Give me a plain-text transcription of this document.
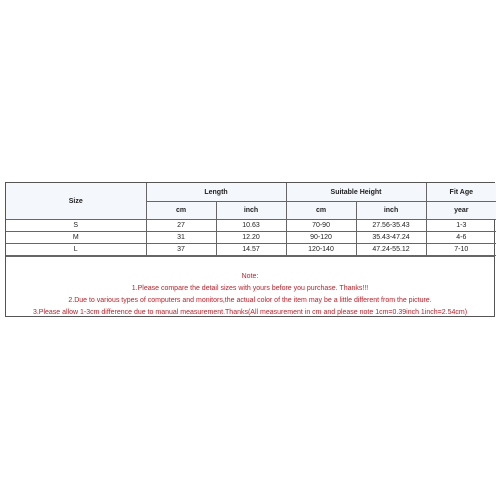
Size	Length		Suitable Height		Fit Age
	cm	inch	cm	inch	year
S	27	10.63	70-90	27.56-35.43	1-3
M	31	12.20	90-120	35.43-47.24	4-6
L	37	14.57	120-140	47.24-55.12	7-10
Note:
1.Please compare the detail sizes with yours before you purchase. Thanks!!!
2.Due to various types of computers and monitors,the actual color of the item may be a little different from the picture.
3.Please allow 1-3cm difference due to manual measurement.Thanks(All measurement in cm and please note 1cm=0.39inch 1inch=2.54cm)
